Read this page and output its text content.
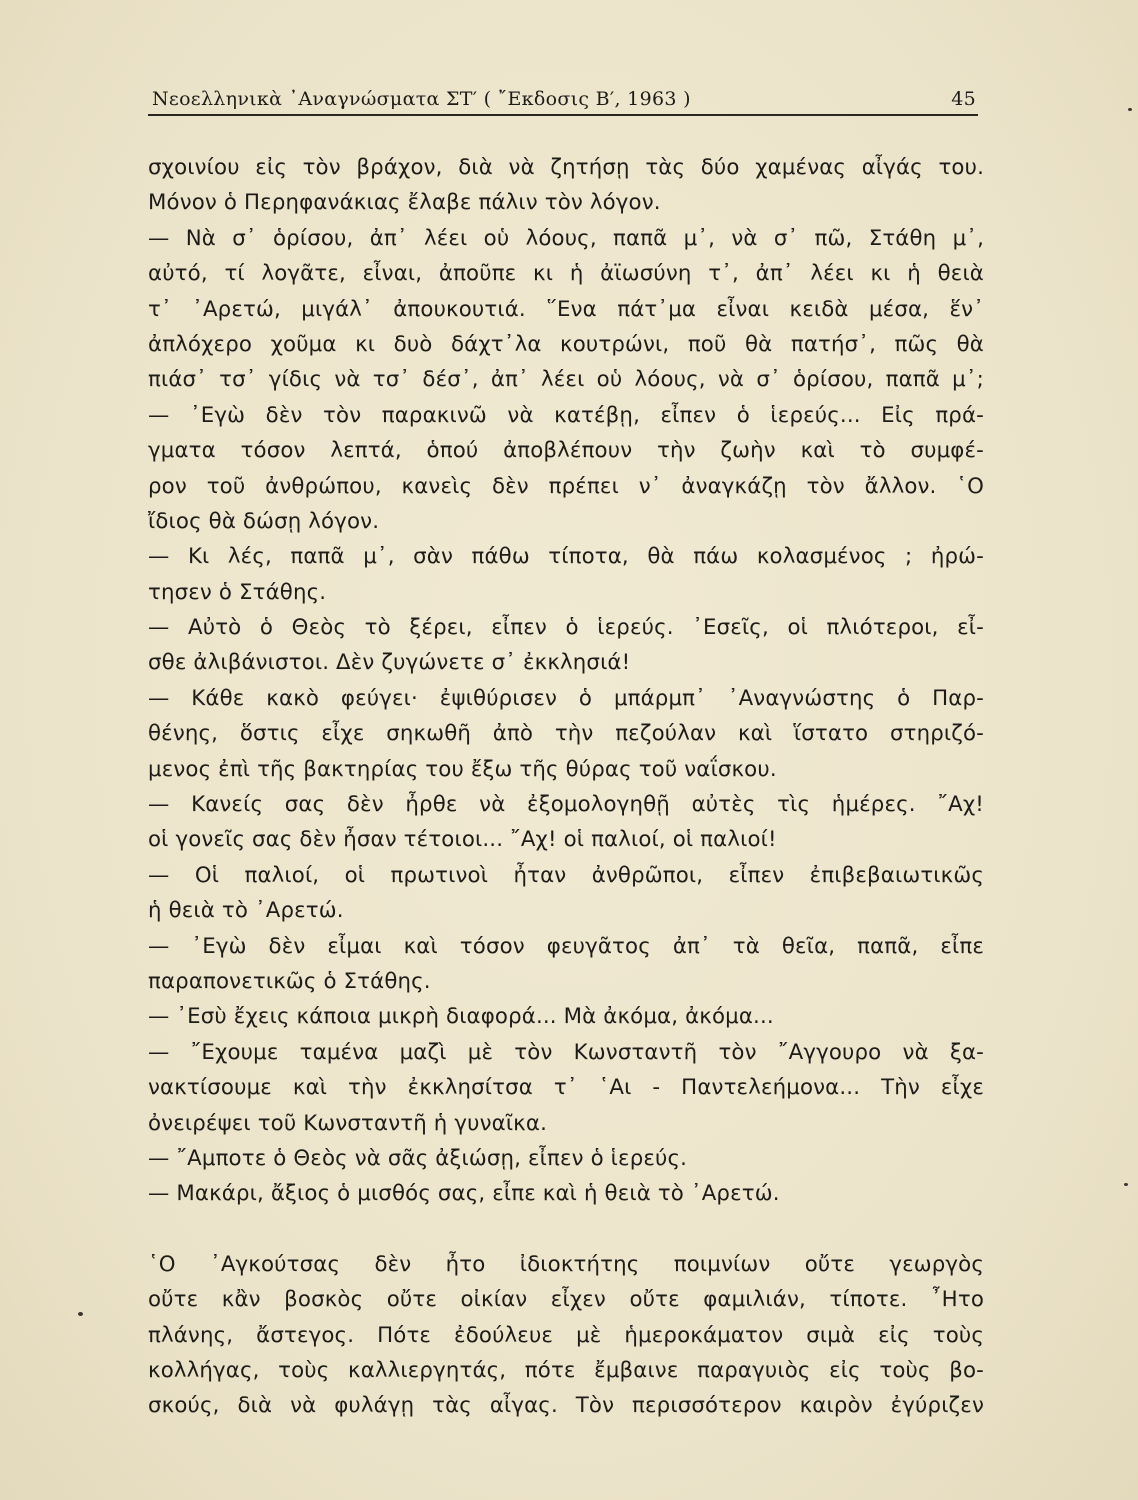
Νεοελληνικὰ ᾿Αναγνώσματα ΣΤ′ ( ῎Εκδοσις Β′, 1963 )	45
σχοινίου εἰς τὸν βράχον, διὰ νὰ ζητήσῃ τὰς δύο χαμένας αἶγάς του.
Μόνον ὁ Περηφανάκιας ἔλαβε πάλιν τὸν λόγον.
— Νὰ σ᾿ ὁρίσου, ἀπ᾿ λέει οὑ λόους, παπᾶ μ᾿, νὰ σ᾿ πῶ, Στάθη μ᾿,
αὐτό, τί λογᾶτε, εἶναι, ἀποῦπε κι ἡ ἀϊωσύνη τ᾿, ἀπ᾿ λέει κι ἡ θειὰ
τ᾿ ᾿Αρετώ, μιγάλ᾿ ἀπουκουτιά. ῞Ενα πάτ᾿μα εἶναι κειδὰ μέσα, ἕν᾿
ἀπλόχερο χοῦμα κι δυὸ δάχτ᾿λα κουτρώνι, ποῦ θὰ πατήσ᾿, πῶς θὰ
πιάσ᾿ τσ᾿ γίδις νὰ τσ᾿ δέσ᾿, ἀπ᾿ λέει οὑ λόους, νὰ σ᾿ ὁρίσου, παπᾶ μ᾿;
— ᾿Εγὼ δὲν τὸν παρακινῶ νὰ κατέβῃ, εἶπεν ὁ ἱερεύς... Εἰς πρά-
γματα τόσον λεπτά, ὁπού ἀποβλέπουν τὴν ζωὴν καὶ τὸ συμφέ-
ρον τοῦ ἀνθρώπου, κανεὶς δὲν πρέπει ν᾿ ἀναγκάζῃ τὸν ἄλλον. ῾Ο
ἴδιος θὰ δώσῃ λόγον.
— Κι λές, παπᾶ μ᾿, σὰν πάθω τίποτα, θὰ πάω κολασμένος ; ἠρώ-
τησεν ὁ Στάθης.
— Αὐτὸ ὁ Θεὸς τὸ ξέρει, εἶπεν ὁ ἱερεύς. ᾿Εσεῖς, οἱ πλιότεροι, εἶ-
σθε ἀλιβάνιστοι. Δὲν ζυγώνετε σ᾿ ἐκκλησιά!
— Κάθε κακὸ φεύγει· ἐψιθύρισεν ὁ μπάρμπ᾿ ᾿Αναγνώστης ὁ Παρ-
θένης, ὅστις εἶχε σηκωθῆ ἀπὸ τὴν πεζούλαν καὶ ἵστατο στηριζό-
μενος ἐπὶ τῆς βακτηρίας του ἔξω τῆς θύρας τοῦ ναΐσκου.
— Κανείς σας δὲν ἦρθε νὰ ἐξομολογηθῇ αὐτὲς τὶς ἡμέρες. ῎Αχ!
οἱ γονεῖς σας δὲν ἦσαν τέτοιοι... ῎Αχ! οἱ παλιοί, οἱ παλιοί!
— Οἱ παλιοί, οἱ πρωτινοὶ ἦταν ἀνθρῶποι, εἶπεν ἐπιβεβαιωτικῶς
ἡ θειὰ τὸ ᾿Αρετώ.
— ᾿Εγὼ δὲν εἶμαι καὶ τόσον φευγᾶτος ἀπ᾿ τὰ θεῖα, παπᾶ, εἶπε
παραπονετικῶς ὁ Στάθης.
— ᾿Εσὺ ἔχεις κάποια μικρὴ διαφορά... Μὰ ἀκόμα, ἀκόμα...
— ῎Εχουμε ταμένα μαζὶ μὲ τὸν Κωνσταντῆ τὸν ῎Αγγουρο νὰ ξα-
νακτίσουμε καὶ τὴν ἐκκλησίτσα τ᾿ ῾Αι - Παντελεήμονα... Τὴν εἶχε
ὀνειρέψει τοῦ Κωνσταντῆ ἡ γυναῖκα.
— ῎Αμποτε ὁ Θεὸς νὰ σᾶς ἀξιώσῃ, εἶπεν ὁ ἱερεύς.
— Μακάρι, ἄξιος ὁ μισθός σας, εἶπε καὶ ἡ θειὰ τὸ ᾿Αρετώ.
῾Ο ᾿Αγκούτσας δὲν ἦτο ἰδιοκτήτης ποιμνίων οὔτε γεωργὸς
οὔτε κἂν βοσκὸς οὔτε οἰκίαν εἶχεν οὔτε φαμιλιάν, τίποτε. ῏Ητο
πλάνης, ἄστεγος. Πότε ἐδούλευε μὲ ἡμεροκάματον σιμὰ εἰς τοὺς
κολλήγας, τοὺς καλλιεργητάς, πότε ἔμβαινε παραγυιὸς εἰς τοὺς βο-
σκούς, διὰ νὰ φυλάγῃ τὰς αἶγας. Τὸν περισσότερον καιρὸν ἐγύριζεν
